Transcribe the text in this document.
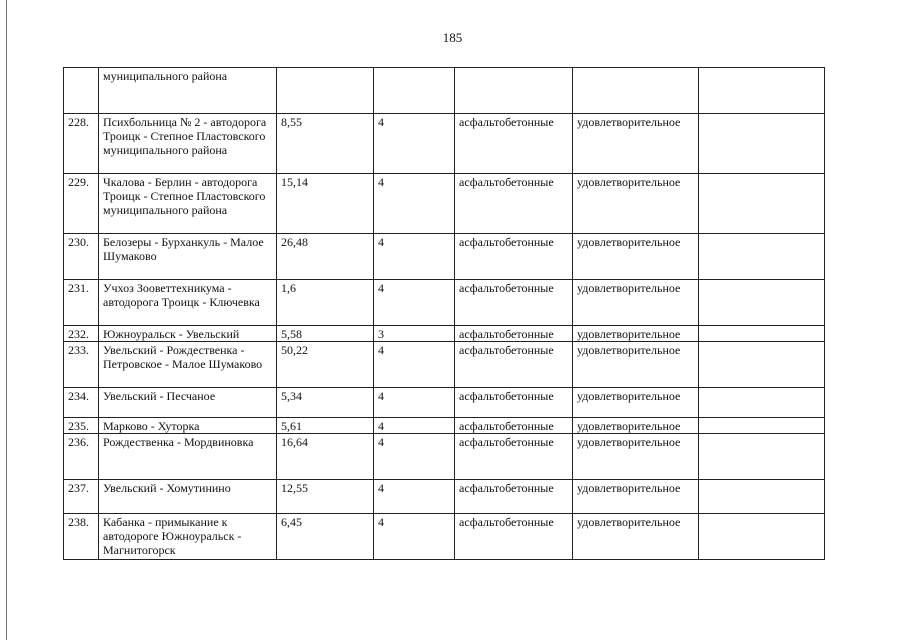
185
	муниципального района					
228.	Психбольница № 2 - автодорога Троицк - Степное Пластовского муниципального района	8,55	4	асфальтобетонные	удовлетворительное	
229.	Чкалова - Берлин - автодорога Троицк - Степное Пластовского муниципального района	15,14	4	асфальтобетонные	удовлетворительное	
230.	Белозеры - Бурханкуль - Малое Шумаково	26,48	4	асфальтобетонные	удовлетворительное	
231.	Учхоз Зооветтехникума - автодорога Троицк - Ключевка	1,6	4	асфальтобетонные	удовлетворительное	
232.	Южноуральск - Увельский	5,58	3	асфальтобетонные	удовлетворительное	
233.	Увельский - Рождественка - Петровское - Малое Шумаково	50,22	4	асфальтобетонные	удовлетворительное	
234.	Увельский - Песчаное	5,34	4	асфальтобетонные	удовлетворительное	
235.	Марково - Хуторка	5,61	4	асфальтобетонные	удовлетворительное	
236.	Рождественка - Мордвиновка	16,64	4	асфальтобетонные	удовлетворительное	
237.	Увельский - Хомутинино	12,55	4	асфальтобетонные	удовлетворительное	
238.	Кабанка - примыкание к автодороге Южноуральск - Магнитогорск	6,45	4	асфальтобетонные	удовлетворительное	
